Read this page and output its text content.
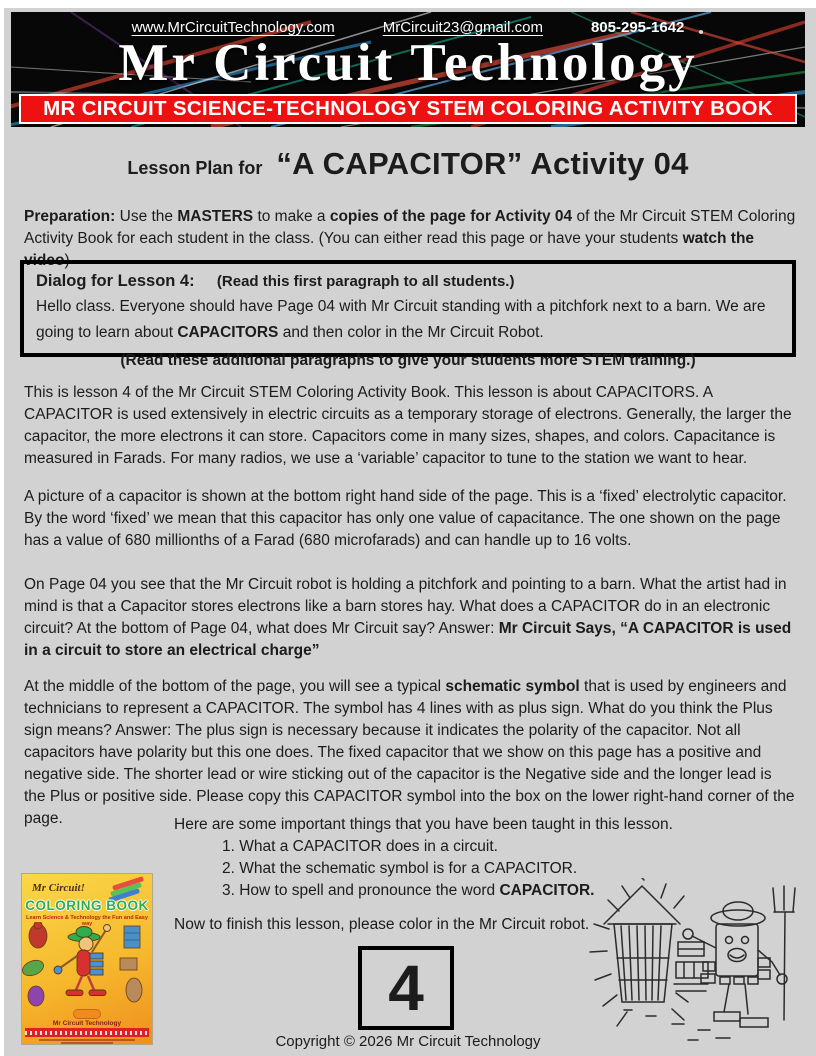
www.MrCircuitTechnology.com	MrCircuit23@gmail.com	805-295-1642
Mr Circuit Technology
MR CIRCUIT SCIENCE-TECHNOLOGY STEM COLORING ACTIVITY BOOK
Lesson Plan for “A CAPACITOR” Activity 04
Preparation: Use the MASTERS to make a copies of the page for Activity 04 of the Mr Circuit STEM Coloring Activity Book for each student in the class. (You can either read this page or have your students watch the video)
Dialog for Lesson 4: (Read this first paragraph to all students.)
Hello class. Everyone should have Page 04 with Mr Circuit standing with a pitchfork next to a barn. We are going to learn about CAPACITORS and then color in the Mr Circuit Robot.
(Read these additional paragraphs to give your students more STEM training.)
This is lesson 4 of the Mr Circuit STEM Coloring Activity Book. This lesson is about CAPACITORS. A CAPACITOR is used extensively in electric circuits as a temporary storage of electrons. Generally, the larger the capacitor, the more electrons it can store. Capacitors come in many sizes, shapes, and colors. Capacitance is measured in Farads. For many radios, we use a ‘variable’ capacitor to tune to the station we want to hear.
A picture of a capacitor is shown at the bottom right hand side of the page. This is a ‘fixed’ electrolytic capacitor. By the word ‘fixed’ we mean that this capacitor has only one value of capacitance. The one shown on the page has a value of 680 millionths of a Farad (680 microfarads) and can handle up to 16 volts.
On Page 04 you see that the Mr Circuit robot is holding a pitchfork and pointing to a barn. What the artist had in mind is that a Capacitor stores electrons like a barn stores hay. What does a CAPACITOR do in an electronic circuit? At the bottom of Page 04, what does Mr Circuit say? Answer: Mr Circuit Says, “A CAPACITOR is used in a circuit to store an electrical charge”
At the middle of the bottom of the page, you will see a typical schematic symbol that is used by engineers and technicians to represent a CAPACITOR. The symbol has 4 lines with as plus sign. What do you think the Plus sign means? Answer: The plus sign is necessary because it indicates the polarity of the capacitor. Not all capacitors have polarity but this one does. The fixed capacitor that we show on this page has a positive and negative side. The shorter lead or wire sticking out of the capacitor is the Negative side and the longer lead is the Plus or positive side. Please copy this CAPACITOR symbol into the box on the lower right-hand corner of the page.	Here are some important things that you have been taught in this lesson.
1. What a CAPACITOR does in a circuit.
2. What the schematic symbol is for a CAPACITOR.
3. How to spell and pronounce the word CAPACITOR.
Now to finish this lesson, please color in the Mr Circuit robot.
Mr Circuit!
COLORING BOOK
Learn Science & Technology the Fun and Easy way
Mr Circuit Technology	4
Copyright © 2026 Mr Circuit Technology
